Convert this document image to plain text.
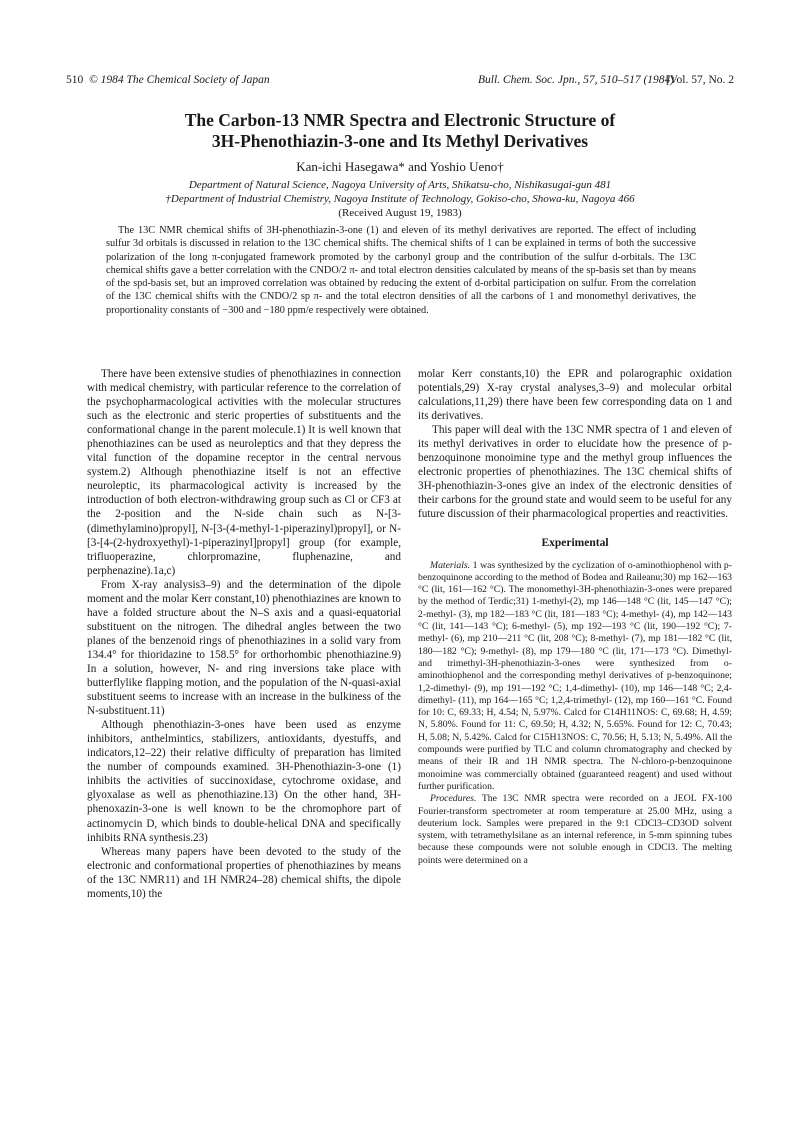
510 © 1984 The Chemical Society of Japan	Bull. Chem. Soc. Jpn., 57, 510–517 (1984)
[Vol. 57, No. 2
The Carbon-13 NMR Spectra and Electronic Structure of
3H-Phenothiazin-3-one and Its Methyl Derivatives
Kan-ichi Hasegawa* and Yoshio Ueno†
Department of Natural Science, Nagoya University of Arts, Shikatsu-cho, Nishikasugai-gun 481
†Department of Industrial Chemistry, Nagoya Institute of Technology, Gokiso-cho, Showa-ku, Nagoya 466
(Received August 19, 1983)

The 13C NMR chemical shifts of 3H-phenothiazin-3-one (1) and eleven of its methyl derivatives are reported. The effect of including sulfur 3d orbitals is discussed in relation to the 13C chemical shifts. The chemical shifts of 1 can be explained in terms of both the successive polarization of the long π-conjugated framework promoted by the carbonyl group and the contribution of the sulfur d-orbitals. The 13C chemical shifts gave a better correlation with the CNDO/2 π- and total electron densities calculated by means of the sp-basis set than by means of the spd-basis set, but an improved correlation was obtained by reducing the extent of d-orbital participation on sulfur. From the correlation of the 13C chemical shifts with the CNDO/2 sp π- and the total electron densities of all the carbons of 1 and monomethyl derivatives, the proportionality constants of −300 and −180 ppm/e respectively were obtained.

There have been extensive studies of phenothiazines in connection with medical chemistry, with particular reference to the correlation of the psychopharmacological activities with the molecular structures such as the electronic and steric properties of substituents and the conformational change in the parent molecule.1) It is well known that phenothiazines can be used as neuroleptics and that they depress the vital function of the dopamine receptor in the central nervous system.2) Although phenothiazine itself is not an effective neuroleptic, its pharmacological activity is increased by the introduction of both electron-withdrawing group such as Cl or CF3 at the 2-position and the N-side chain such as N-[3-(dimethylamino)propyl], N-[3-(4-methyl-1-piperazinyl)propyl], or N-[3-[4-(2-hydroxyethyl)-1-piperazinyl]propyl] group (for example, trifluoperazine, chlorpromazine, fluphenazine, and perphenazine).1a,c)

From X-ray analysis3–9) and the determination of the dipole moment and the molar Kerr constant,10) phenothiazines are known to have a folded structure about the N–S axis and a quasi-equatorial substituent on the nitrogen. The dihedral angles between the two planes of the benzenoid rings of phenothiazines in a solid vary from 134.4° for thioridazine to 158.5° for orthorhombic phenothiazine.9) In a solution, however, N- and ring inversions take place with butterflylike flapping motion, and the population of the N-quasi-axial substituent seems to increase with an increase in the bulkiness of the N-substituent.11)

Although phenothiazin-3-ones have been used as enzyme inhibitors, anthelmintics, stabilizers, antioxidants, dyestuffs, and indicators,12–22) their relative difficulty of preparation has limited the number of compounds examined. 3H-Phenothiazin-3-one (1) inhibits the activities of succinoxidase, cytochrome oxidase, and glyoxalase as well as phenothiazine.13) On the other hand, 3H-phenoxazin-3-one is well known to be the chromophore part of actinomycin D, which binds to double-helical DNA and specifically inhibits RNA synthesis.23)

Whereas many papers have been devoted to the study of the electronic and conformational properties of phenothiazines by means of the 13C NMR11) and 1H NMR24–28) chemical shifts, the dipole moments,10) the

molar Kerr constants,10) the EPR and polarographic oxidation potentials,29) X-ray crystal analyses,3–9) and molecular orbital calculations,11,29) there have been few corresponding data on 1 and its derivatives.

This paper will deal with the 13C NMR spectra of 1 and eleven of its methyl derivatives in order to elucidate how the presence of p-benzoquinone monoimine type and the methyl group influences the electronic properties of phenothiazines. The 13C chemical shifts of 3H-phenothiazin-3-ones give an index of the electronic densities of their carbons for the ground state and would seem to be useful for any future discussion of their pharmacological properties and reactivities.

Experimental

Materials. 1 was synthesized by the cyclization of o-aminothiophenol with p-benzoquinone according to the method of Bodea and Raileanu;30) mp 162—163 °C (lit, 161—162 °C). The monomethyl-3H-phenothiazin-3-ones were prepared by the method of Terdic;31) 1-methyl-(2), mp 146—148 °C (lit, 145—147 °C); 2-methyl- (3), mp 182—183 °C (lit, 181—183 °C); 4-methyl- (4), mp 142—143 °C (lit, 141—143 °C); 6-methyl- (5), mp 192—193 °C (lit, 190—192 °C); 7-methyl- (6), mp 210—211 °C (lit, 208 °C); 8-methyl- (7), mp 181—182 °C (lit, 180—182 °C); 9-methyl- (8), mp 179—180 °C (lit, 171—173 °C). Dimethyl- and trimethyl-3H-phenothiazin-3-ones were synthesized from o-aminothiophenol and the corresponding methyl derivatives of p-benzoquinone; 1,2-dimethyl- (9), mp 191—192 °C; 1,4-dimethyl- (10), mp 146—148 °C; 2,4-dimethyl- (11), mp 164—165 °C; 1,2,4-trimethyl- (12), mp 160—161 °C. Found for 10: C, 69.33; H, 4.54; N, 5.97%. Calcd for C14H11NOS: C, 69.68; H, 4.59; N, 5.80%. Found for 11: C, 69.50; H, 4.32; N, 5.65%. Found for 12: C, 70.43; H, 5.08; N, 5.42%. Calcd for C15H13NOS: C, 70.56; H, 5.13; N, 5.49%. All the compounds were purified by TLC and column chromatography and checked by means of their IR and 1H NMR spectra. The N-chloro-p-benzoquinone monoimine was commercially obtained (guaranteed reagent) and used without further purification.

Procedures. The 13C NMR spectra were recorded on a JEOL FX-100 Fourier-transform spectrometer at room temperature at 25.00 MHz, using a deuterium lock. Samples were prepared in the 9:1 CDCl3–CD3OD solvent system, with tetramethylsilane as an internal reference, in 5-mm spinning tubes because these compounds were not soluble enough in CDCl3. The melting points were determined on a
